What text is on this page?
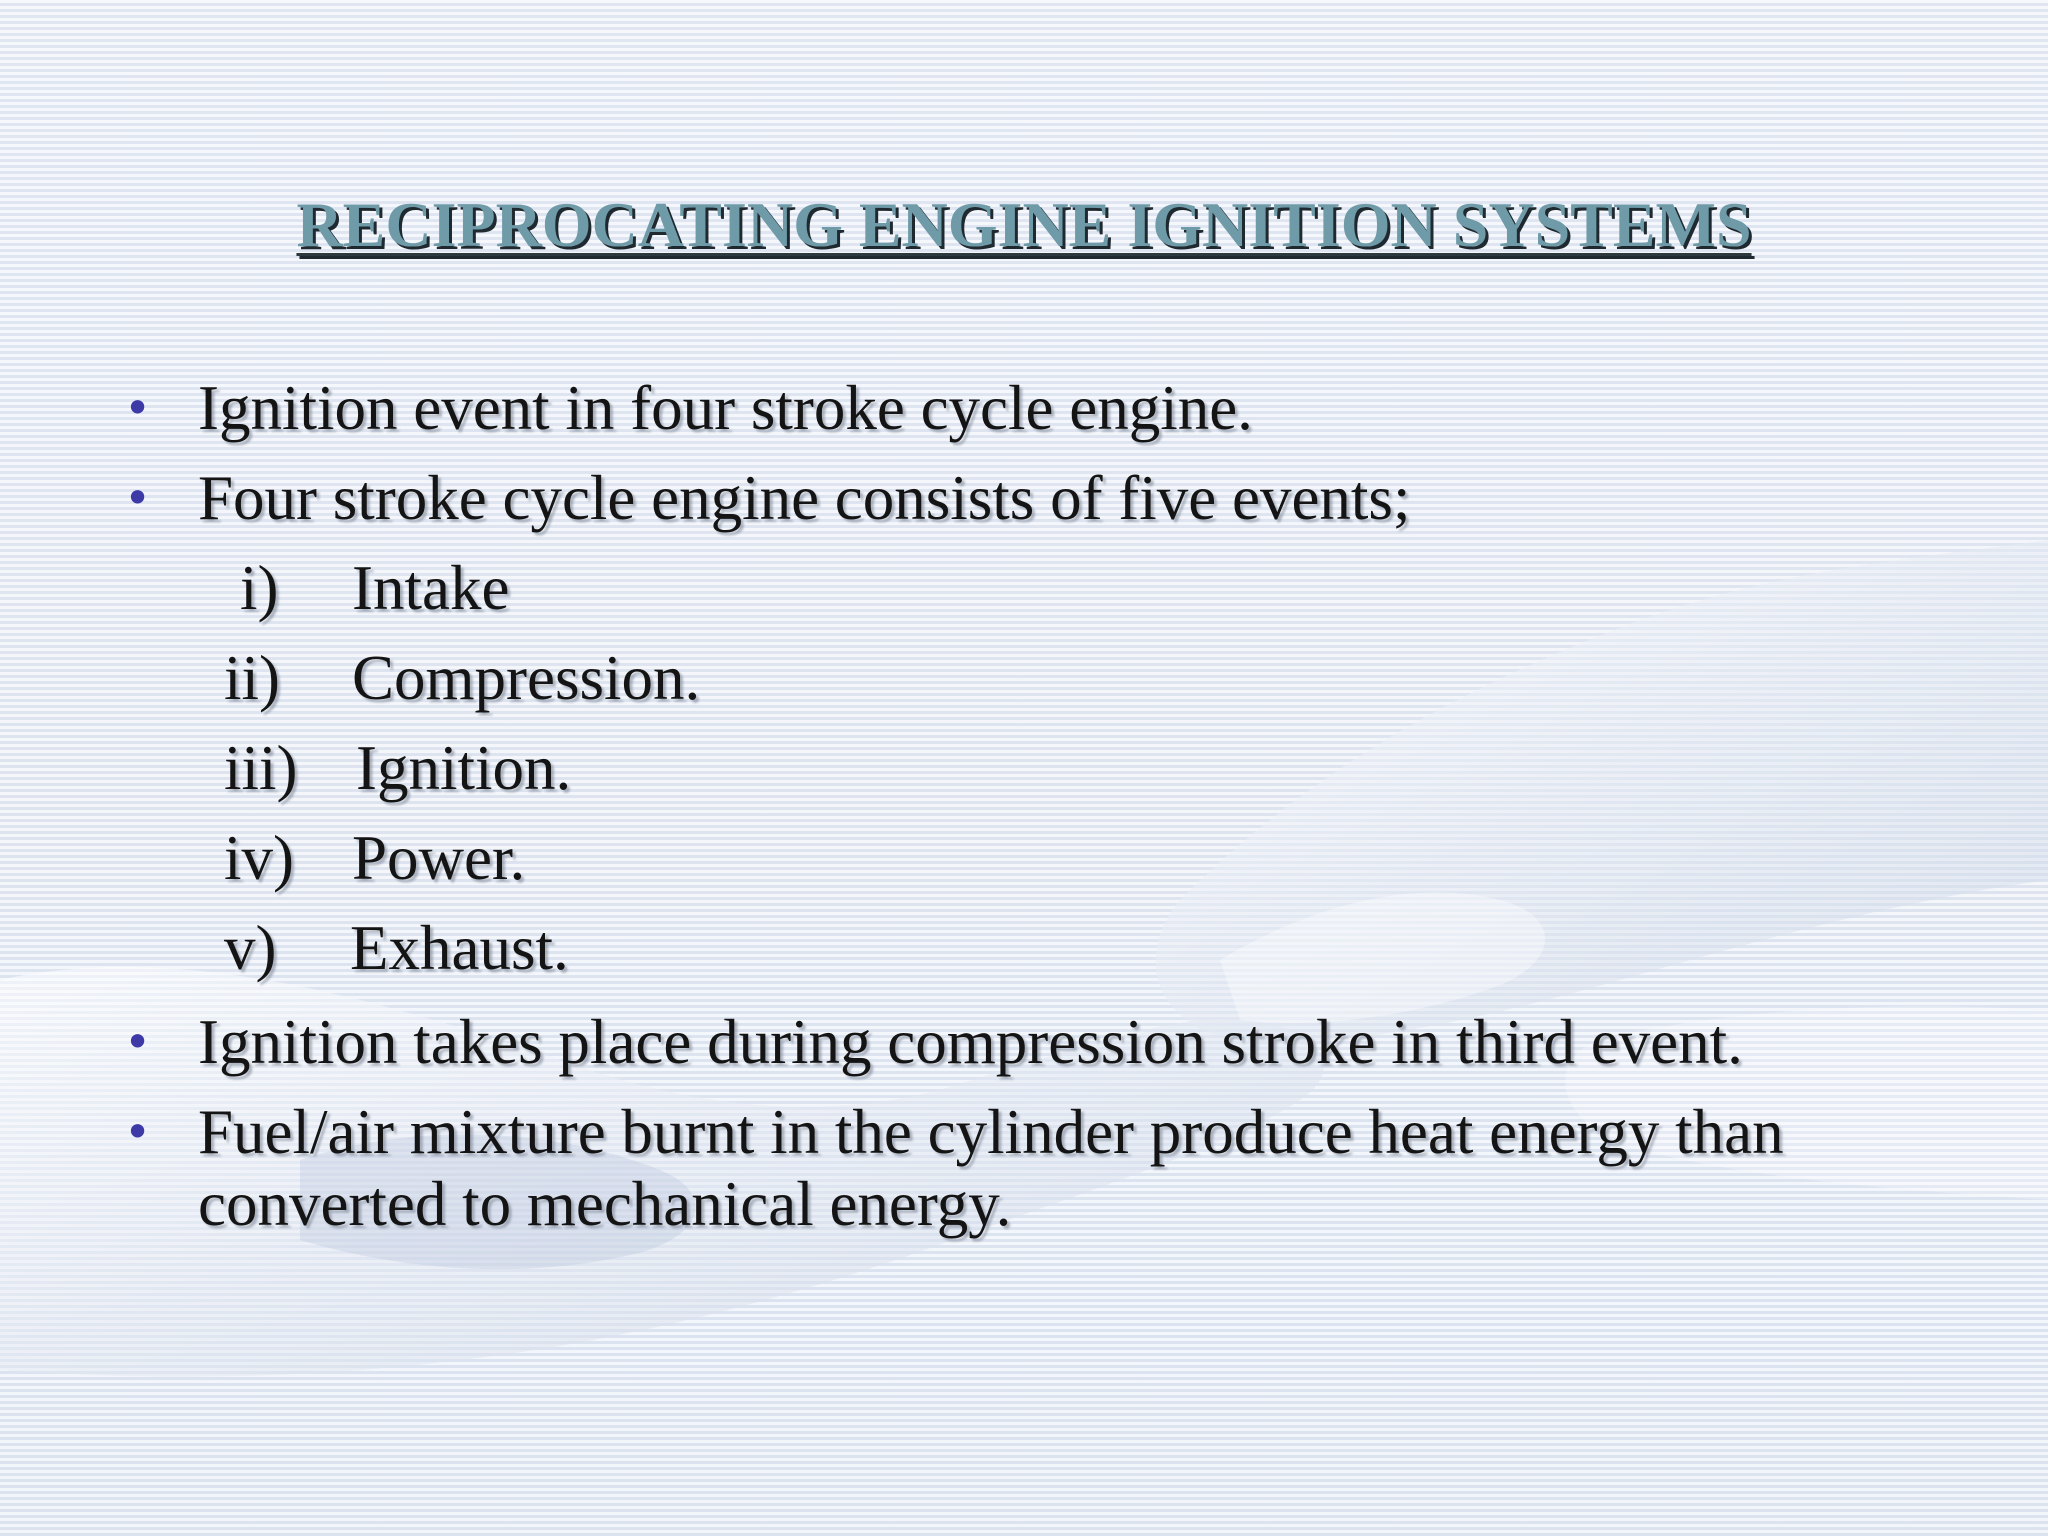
RECIPROCATING ENGINE IGNITION SYSTEMS
• Ignition event in four stroke cycle engine.
• Four stroke cycle engine consists of five events;
i) Intake
ii) Compression.
iii) Ignition.
iv) Power.
v) Exhaust.
• Ignition takes place during compression stroke in third event.
• Fuel/air mixture burnt in the cylinder produce heat energy than
converted to mechanical energy.
